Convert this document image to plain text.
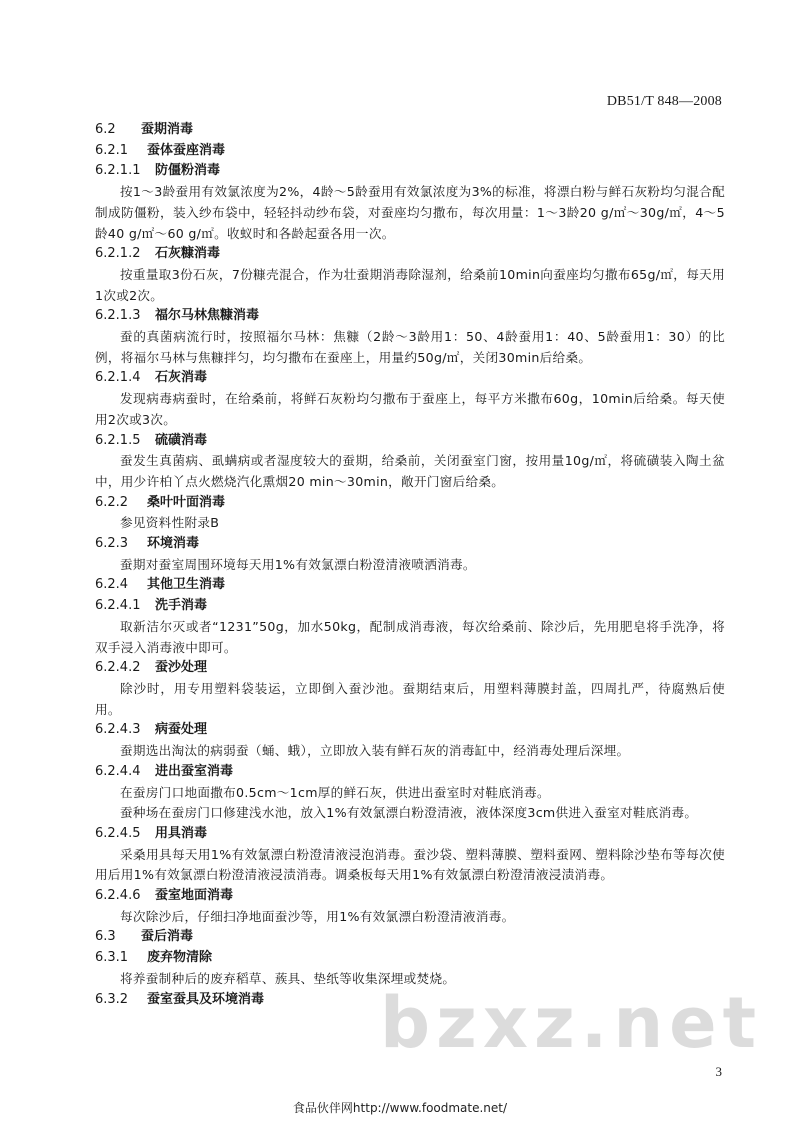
DB51/T 848—2008
6.2 蚕期消毒
6.2.1 蚕体蚕座消毒
6.2.1.1 防僵粉消毒
按1～3龄蚕用有效氯浓度为2%，4龄～5龄蚕用有效氯浓度为3%的标准，将漂白粉与鲜石灰粉均匀混合配制成防僵粉，装入纱布袋中，轻轻抖动纱布袋，对蚕座均匀撒布，每次用量：1～3龄20 g/㎡～30g/㎡，4～5龄40 g/㎡～60 g/㎡。收蚁时和各龄起蚕各用一次。
6.2.1.2 石灰糠消毒
按重量取3份石灰，7份糠壳混合，作为壮蚕期消毒除湿剂，给桑前10min向蚕座均匀撒布65g/㎡，每天用1次或2次。
6.2.1.3 福尔马林焦糠消毒
蚕的真菌病流行时，按照福尔马林：焦糠（2龄～3龄用1：50、4龄蚕用1：40、5龄蚕用1：30）的比例，将福尔马林与焦糠拌匀，均匀撒布在蚕座上，用量约50g/㎡，关闭30min后给桑。
6.2.1.4 石灰消毒
发现病毒病蚕时，在给桑前，将鲜石灰粉均匀撒布于蚕座上，每平方米撒布60g，10min后给桑。每天使用2次或3次。
6.2.1.5 硫磺消毒
蚕发生真菌病、虱螨病或者湿度较大的蚕期，给桑前，关闭蚕室门窗，按用量10g/㎡，将硫磺装入陶土盆中，用少许柏丫点火燃烧汽化熏烟20 min～30min，敞开门窗后给桑。
6.2.2 桑叶叶面消毒
参见资料性附录B
6.2.3 环境消毒
蚕期对蚕室周围环境每天用1%有效氯漂白粉澄清液喷洒消毒。
6.2.4 其他卫生消毒
6.2.4.1 洗手消毒
取新洁尔灭或者“1231”50g，加水50kg，配制成消毒液，每次给桑前、除沙后，先用肥皂将手洗净，将双手浸入消毒液中即可。
6.2.4.2 蚕沙处理
除沙时，用专用塑料袋装运，立即倒入蚕沙池。蚕期结束后，用塑料薄膜封盖，四周扎严，待腐熟后使用。
6.2.4.3 病蚕处理
蚕期选出淘汰的病弱蚕（蛹、蛾），立即放入装有鲜石灰的消毒缸中，经消毒处理后深埋。
6.2.4.4 进出蚕室消毒
在蚕房门口地面撒布0.5cm～1cm厚的鲜石灰，供进出蚕室时对鞋底消毒。
蚕种场在蚕房门口修建浅水池，放入1%有效氯漂白粉澄清液，液体深度3cm供进入蚕室对鞋底消毒。
6.2.4.5 用具消毒
采桑用具每天用1%有效氯漂白粉澄清液浸泡消毒。蚕沙袋、塑料薄膜、塑料蚕网、塑料除沙垫布等每次使用后用1%有效氯漂白粉澄清液浸渍消毒。调桑板每天用1%有效氯漂白粉澄清液浸渍消毒。
6.2.4.6 蚕室地面消毒
每次除沙后，仔细扫净地面蚕沙等，用1%有效氯漂白粉澄清液消毒。
6.3 蚕后消毒
6.3.1 废弃物清除
将养蚕制种后的废弃稻草、蔟具、垫纸等收集深埋或焚烧。
6.3.2 蚕室蚕具及环境消毒
3
食品伙伴网http://www.foodmate.net/
bzxz.net
